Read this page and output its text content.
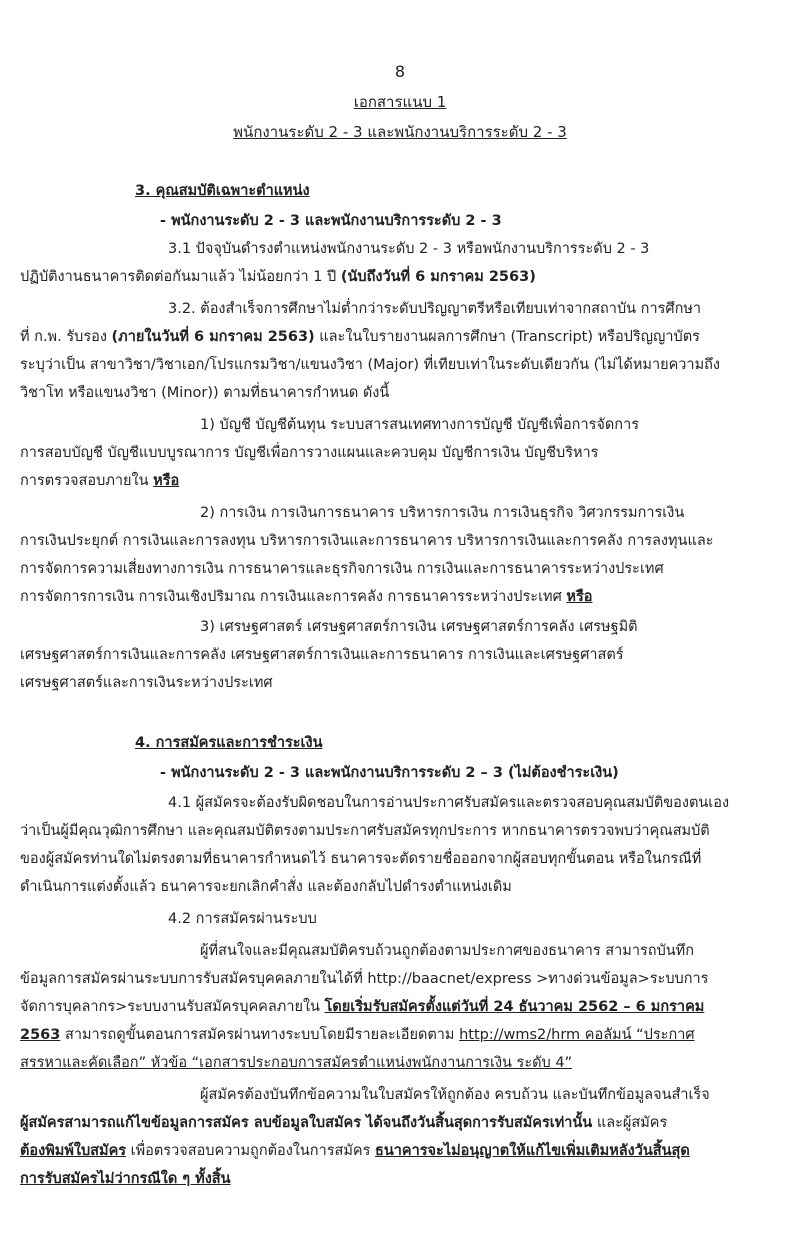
8
เอกสารแนบ 1
พนักงานระดับ 2 - 3 และพนักงานบริการระดับ 2 - 3
3. คุณสมบัติเฉพาะตำแหน่ง
- พนักงานระดับ 2 - 3 และพนักงานบริการระดับ 2 - 3
3.1 ปัจจุบันดำรงตำแหน่งพนักงานระดับ 2 - 3 หรือพนักงานบริการระดับ 2 - 3
ปฏิบัติงานธนาคารติดต่อกันมาแล้ว ไม่น้อยกว่า 1 ปี (นับถึงวันที่ 6 มกราคม 2563)
3.2. ต้องสำเร็จการศึกษาไม่ต่ำกว่าระดับปริญญาตรีหรือเทียบเท่าจากสถาบัน การศึกษา
ที่ ก.พ. รับรอง (ภายในวันที่ 6 มกราคม 2563) และในใบรายงานผลการศึกษา (Transcript) หรือปริญญาบัตร
ระบุว่าเป็น สาขาวิชา/วิชาเอก/โปรแกรมวิชา/แขนงวิชา (Major) ที่เทียบเท่าในระดับเดียวกัน (ไม่ได้หมายความถึง
วิชาโท หรือแขนงวิชา (Minor)) ตามที่ธนาคารกำหนด ดังนี้
1) บัญชี บัญชีต้นทุน ระบบสารสนเทศทางการบัญชี บัญชีเพื่อการจัดการ
การสอบบัญชี บัญชีแบบบูรณาการ บัญชีเพื่อการวางแผนและควบคุม บัญชีการเงิน บัญชีบริหาร
การตรวจสอบภายใน หรือ
2) การเงิน การเงินการธนาคาร บริหารการเงิน การเงินธุรกิจ วิศวกรรมการเงิน
การเงินประยุกต์ การเงินและการลงทุน บริหารการเงินและการธนาคาร บริหารการเงินและการคลัง การลงทุนและ
การจัดการความเสี่ยงทางการเงิน การธนาคารและธุรกิจการเงิน การเงินและการธนาคารระหว่างประเทศ
การจัดการการเงิน การเงินเชิงปริมาณ การเงินและการคลัง การธนาคารระหว่างประเทศ หรือ
3) เศรษฐศาสตร์ เศรษฐศาสตร์การเงิน เศรษฐศาสตร์การคลัง เศรษฐมิติ
เศรษฐศาสตร์การเงินและการคลัง เศรษฐศาสตร์การเงินและการธนาคาร การเงินและเศรษฐศาสตร์
เศรษฐศาสตร์และการเงินระหว่างประเทศ
4. การสมัครและการชำระเงิน
- พนักงานระดับ 2 - 3 และพนักงานบริการระดับ 2 – 3 (ไม่ต้องชำระเงิน)
4.1 ผู้สมัครจะต้องรับผิดชอบในการอ่านประกาศรับสมัครและตรวจสอบคุณสมบัติของตนเอง
ว่าเป็นผู้มีคุณวุฒิการศึกษา และคุณสมบัติตรงตามประกาศรับสมัครทุกประการ หากธนาคารตรวจพบว่าคุณสมบัติ
ของผู้สมัครท่านใดไม่ตรงตามที่ธนาคารกำหนดไว้ ธนาคารจะตัดรายชื่อออกจากผู้สอบทุกขั้นตอน หรือในกรณีที่
ดำเนินการแต่งตั้งแล้ว ธนาคารจะยกเลิกคำสั่ง และต้องกลับไปดำรงตำแหน่งเดิม
4.2 การสมัครผ่านระบบ
ผู้ที่สนใจและมีคุณสมบัติครบถ้วนถูกต้องตามประกาศของธนาคาร สามารถบันทึก
ข้อมูลการสมัครผ่านระบบการรับสมัครบุคคลภายในได้ที่ http://baacnet/express >ทางด่วนข้อมูล>ระบบการ
จัดการบุคลากร>ระบบงานรับสมัครบุคคลภายใน โดยเริ่มรับสมัครตั้งแต่วันที่ 24 ธันวาคม 2562 – 6 มกราคม
2563 สามารถดูขั้นตอนการสมัครผ่านทางระบบโดยมีรายละเอียดตาม http://wms2/hrm คอลัมน์ “ประกาศ
สรรหาและคัดเลือก” หัวข้อ “เอกสารประกอบการสมัครตำแหน่งพนักงานการเงิน ระดับ 4”
ผู้สมัครต้องบันทึกข้อความในใบสมัครให้ถูกต้อง ครบถ้วน และบันทึกข้อมูลจนสำเร็จ
ผู้สมัครสามารถแก้ไขข้อมูลการสมัคร ลบข้อมูลใบสมัคร ได้จนถึงวันสิ้นสุดการรับสมัครเท่านั้น และผู้สมัคร
ต้องพิมพ์ใบสมัคร เพื่อตรวจสอบความถูกต้องในการสมัคร ธนาคารจะไม่อนุญาตให้แก้ไขเพิ่มเติมหลังวันสิ้นสุด
การรับสมัครไม่ว่ากรณีใด ๆ ทั้งสิ้น
